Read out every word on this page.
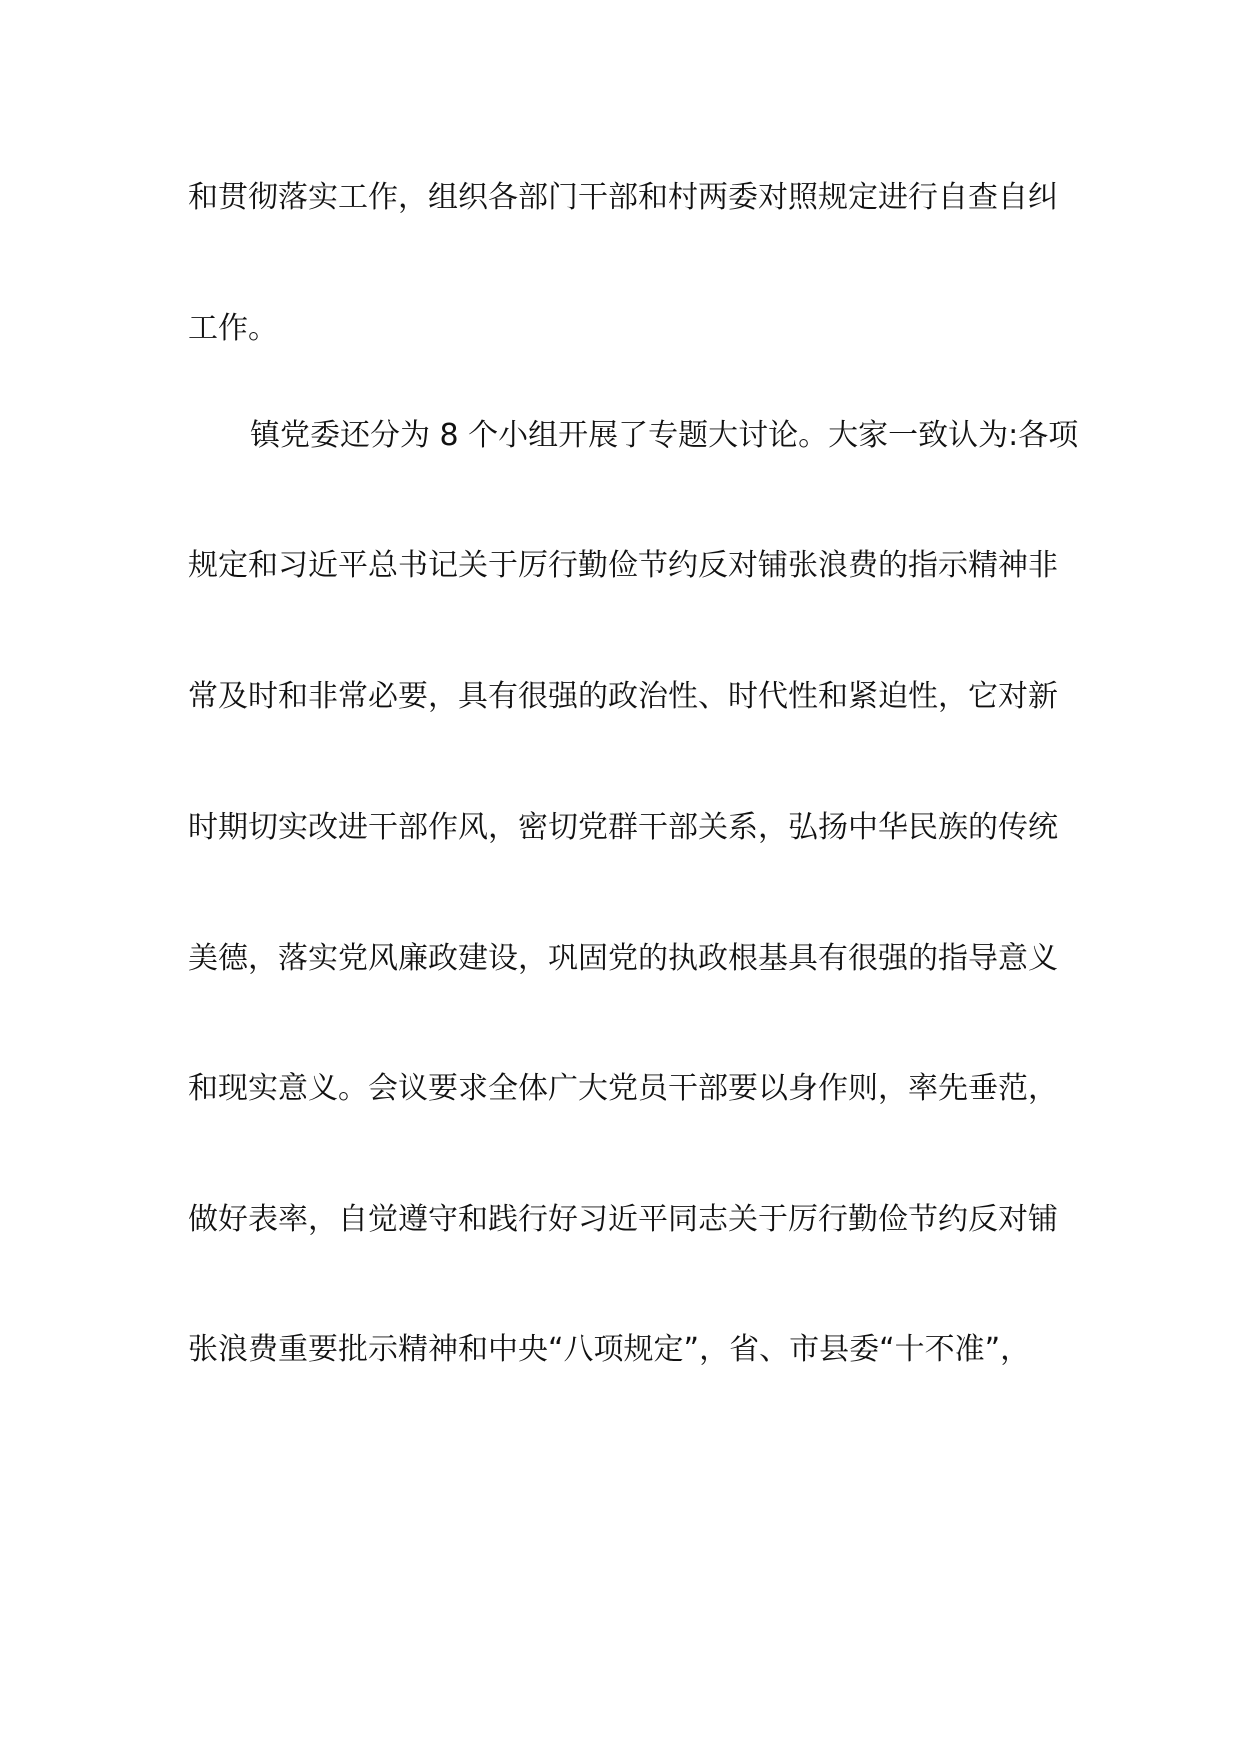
和贯彻落实工作，组织各部门干部和村两委对照规定进行自查自纠
工作。
镇党委还分为 8 个小组开展了专题大讨论。大家一致认为:各项
规定和习近平总书记关于厉行勤俭节约反对铺张浪费的指示精神非
常及时和非常必要，具有很强的政治性、时代性和紧迫性，它对新
时期切实改进干部作风，密切党群干部关系，弘扬中华民族的传统
美德，落实党风廉政建设，巩固党的执政根基具有很强的指导意义
和现实意义。会议要求全体广大党员干部要以身作则，率先垂范，
做好表率，自觉遵守和践行好习近平同志关于厉行勤俭节约反对铺
张浪费重要批示精神和中央“八项规定”，省、市县委“十不准”，
